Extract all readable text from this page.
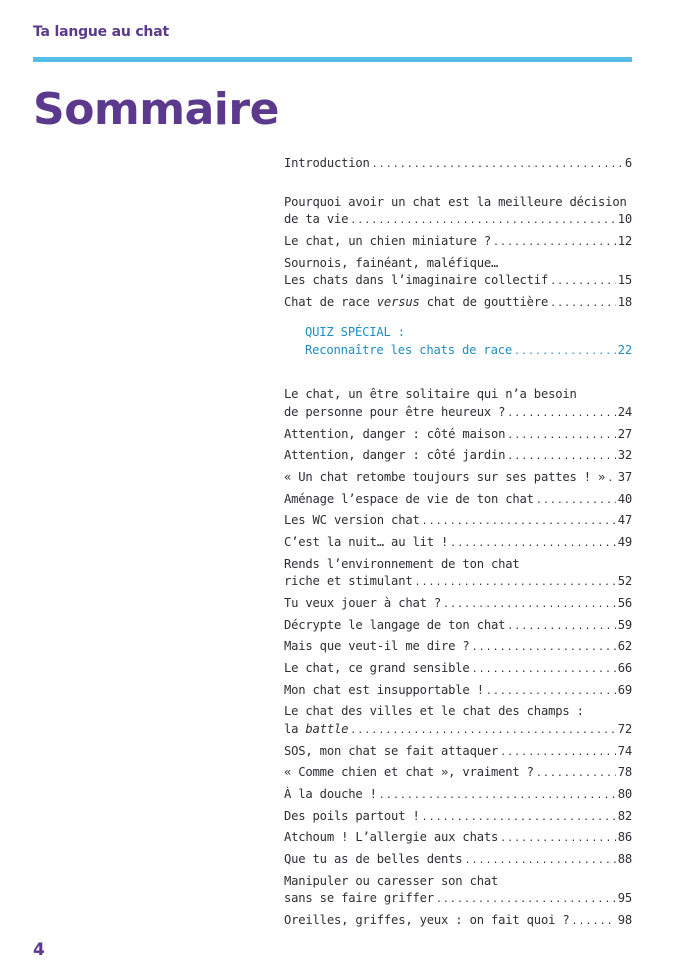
Ta langue au chat
Sommaire
Introduction .....	6
Pourquoi avoir un chat est la meilleure décision
de ta vie .....	10
Le chat, un chien miniature ? .....	12
Sournois, fainéant, maléfique…
Les chats dans l’imaginaire collectif .....	15
Chat de race versus chat de gouttière .....	18
QUIZ SPÉCIAL :
Reconnaître les chats de race .....	22
Le chat, un être solitaire qui n’a besoin
de personne pour être heureux ? .....	24
Attention, danger : côté maison .....	27
Attention, danger : côté jardin .....	32
« Un chat retombe toujours sur ses pattes ! » ..... 37
Aménage l’espace de vie de ton chat .....	40
Les WC version chat .....	47
C’est la nuit… au lit ! .....	49
Rends l’environnement de ton chat
riche et stimulant .....	52
Tu veux jouer à chat ? .....	56
Décrypte le langage de ton chat .....	59
Mais que veut-il me dire ? .....	62
Le chat, ce grand sensible .....	66
Mon chat est insupportable ! .....	69
Le chat des villes et le chat des champs :
la battle .....	72
SOS, mon chat se fait attaquer .....	74
« Comme chien et chat », vraiment ? .....	78
À la douche ! .....	80
Des poils partout ! .....	82
Atchoum ! L’allergie aux chats .....	86
Que tu as de belles dents .....	88
Manipuler ou caresser son chat
sans se faire griffer .....	95
Oreilles, griffes, yeux : on fait quoi ? .....	98
4
